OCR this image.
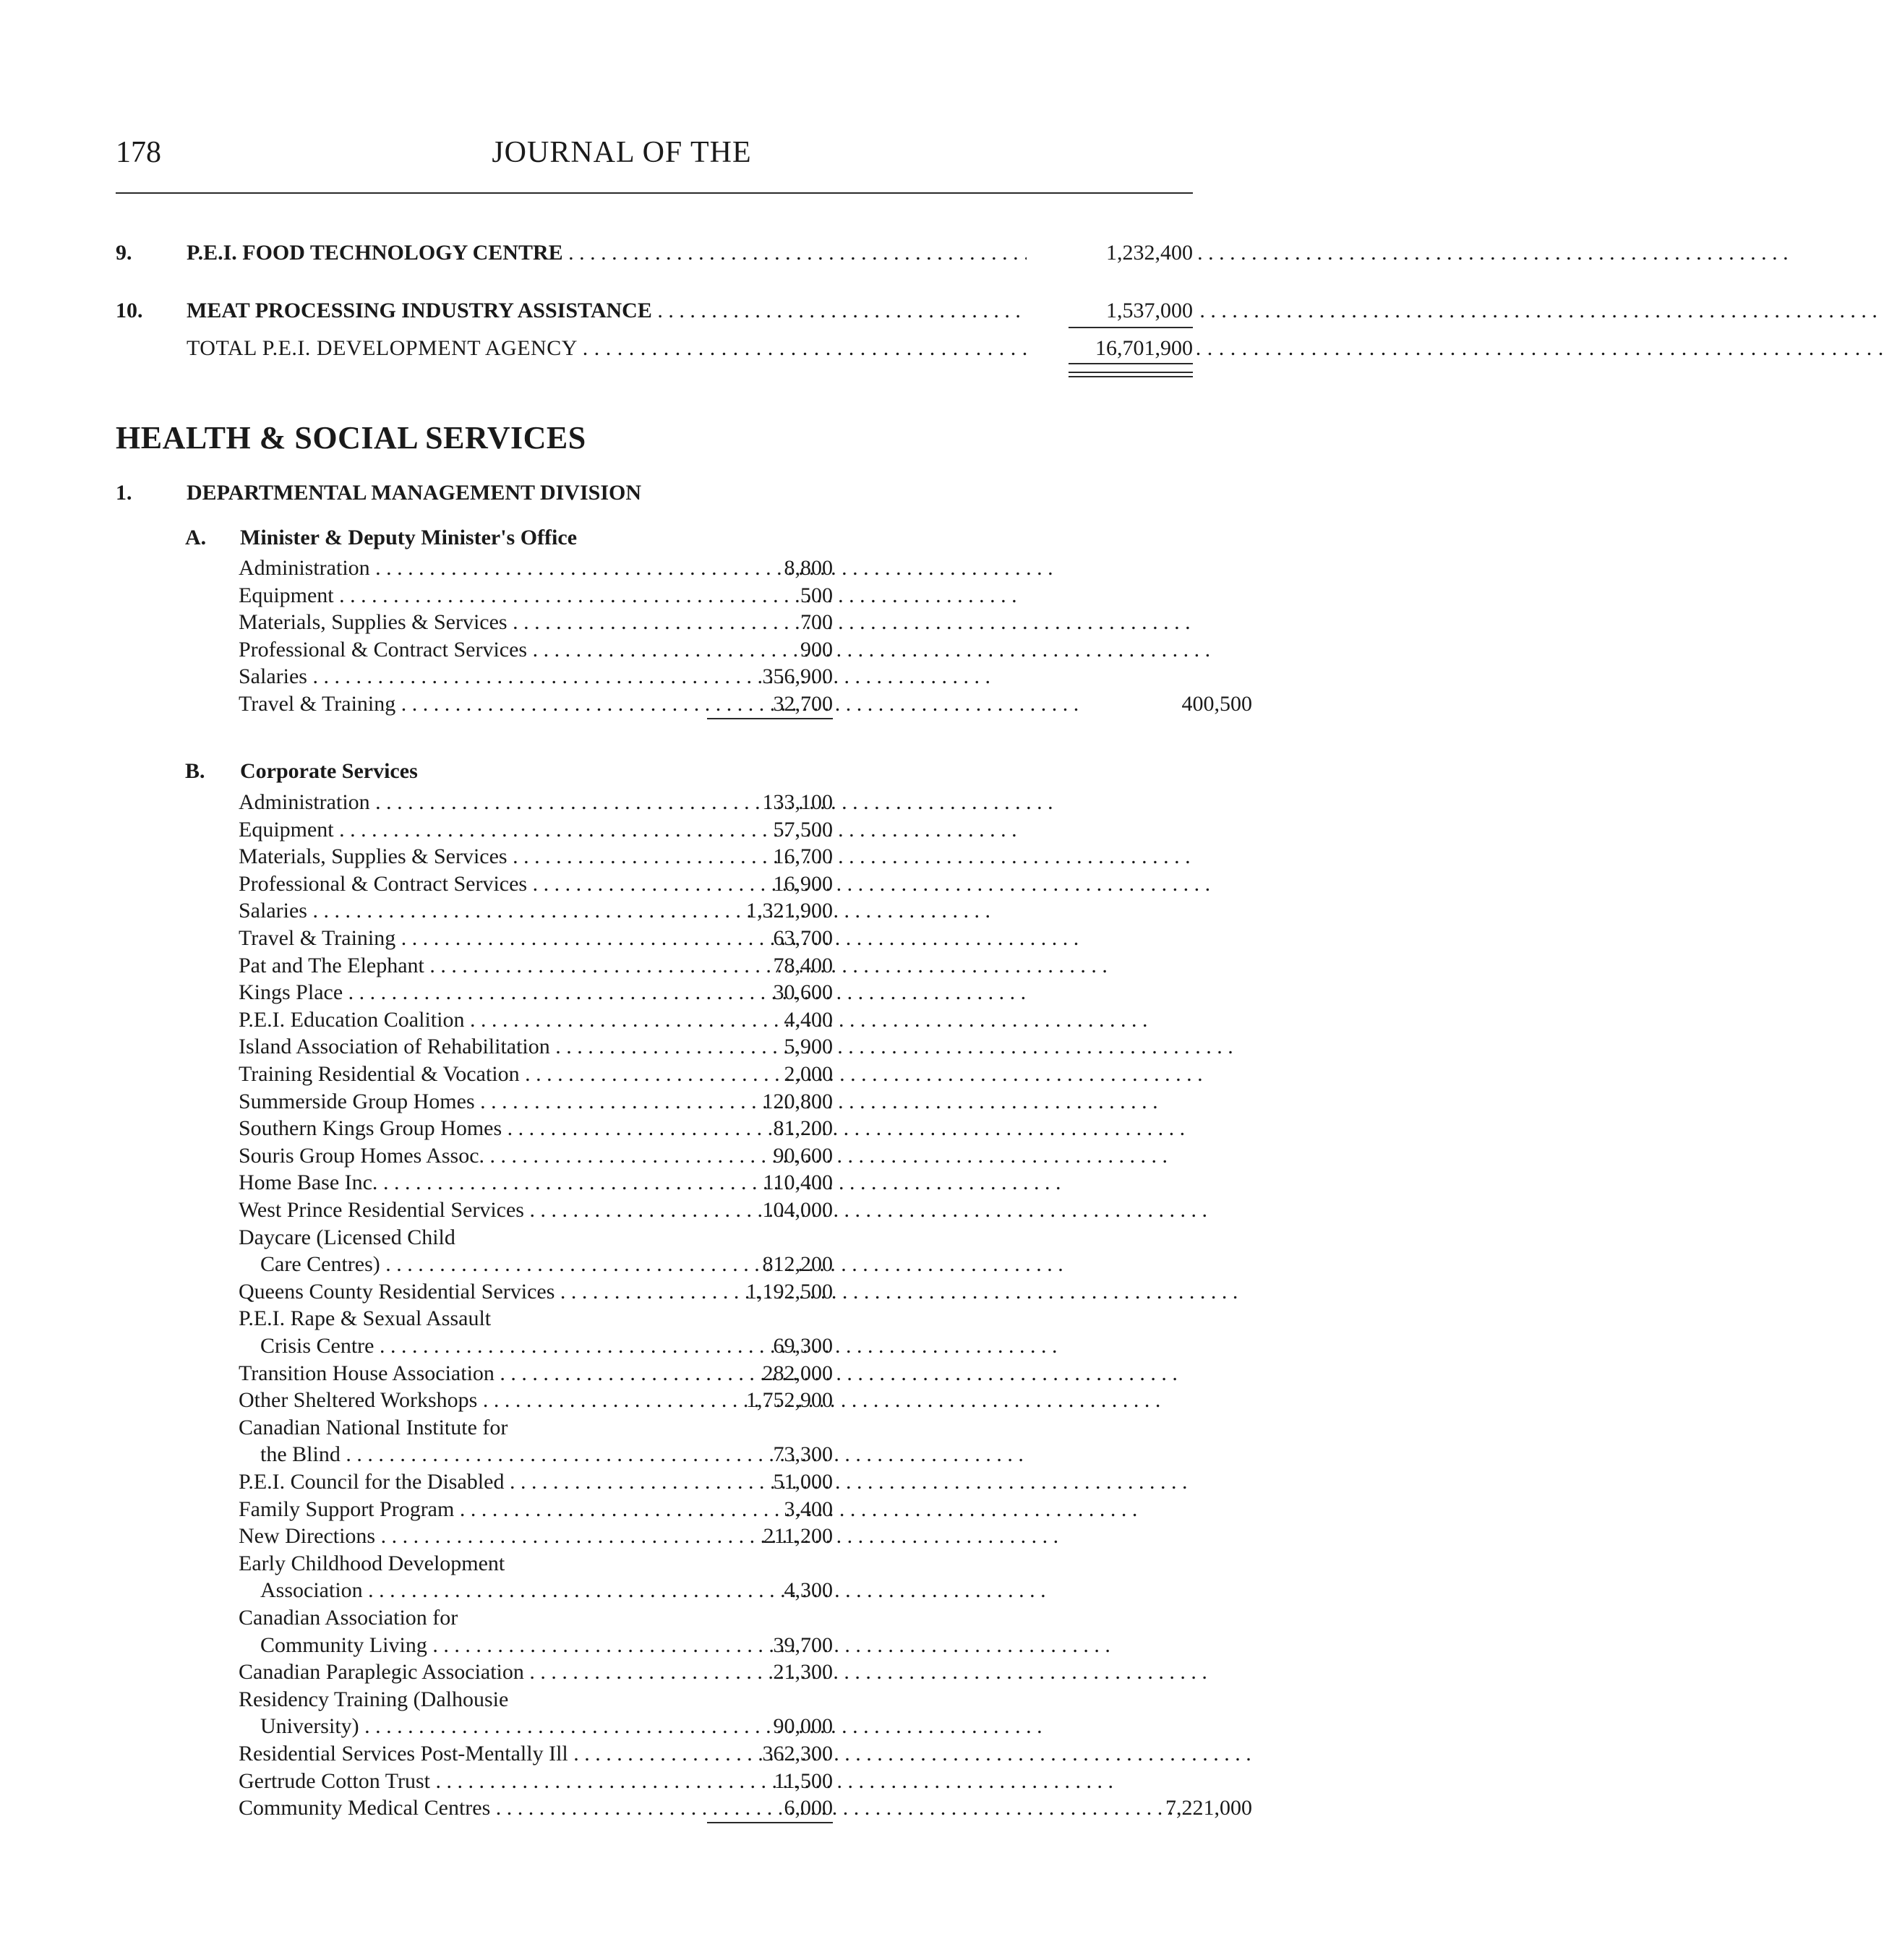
178	JOURNAL OF THE
9.	P.E.I. FOOD TECHNOLOGY CENTRE . . .	1,232,400
10. MEAT PROCESSING INDUSTRY ASSISTANCE . . .	1,537,000
TOTAL P.E.I. DEVELOPMENT AGENCY . . .	16,701,900
HEALTH & SOCIAL SERVICES
1.	DEPARTMENTAL MANAGEMENT DIVISION
A. Minister & Deputy Minister's Office
Administration . . .	8,800
Equipment . . .	500
Materials, Supplies & Services . . .	700
Professional & Contract Services . . .	900
Salaries . . .	356,900
Travel & Training . . .	32,700	400,500
B. Corporate Services
Administration . . .	133,100
Equipment . . .	57,500
Materials, Supplies & Services . . .	16,700
Professional & Contract Services . . .	16,900
Salaries . . .	1,321,900
Travel & Training . . .	63,700
Pat and The Elephant . . .	78,400
Kings Place . . .	30,600
P.E.I. Education Coalition . . .	4,400
Island Association of Rehabilitation . . .	5,900
Training Residential & Vocation . . .	2,000
Summerside Group Homes . . .	120,800
Southern Kings Group Homes . . .	81,200
Souris Group Homes Assoc. . . .	90,600
Home Base Inc. . . .	110,400
West Prince Residential Services . . .	104,000
Daycare (Licensed Child
Care Centres) . . .	812,200
Queens County Residential Services . . .	1,192,500
P.E.I. Rape & Sexual Assault
Crisis Centre . . .	69,300
Transition House Association . . .	282,000
Other Sheltered Workshops . . .	1,752,900
Canadian National Institute for
the Blind . . .	73,300
P.E.I. Council for the Disabled . . .	51,000
Family Support Program . . .	3,400
New Directions . . .	211,200
Early Childhood Development
Association . . .	4,300
Canadian Association for
Community Living . . .	39,700
Canadian Paraplegic Association . . .	21,300
Residency Training (Dalhousie
University) . . .	90,000
Residential Services Post-Mentally Ill . . .	362,300
Gertrude Cotton Trust . . .	11,500
Community Medical Centres . . .	6,000	7,221,000
